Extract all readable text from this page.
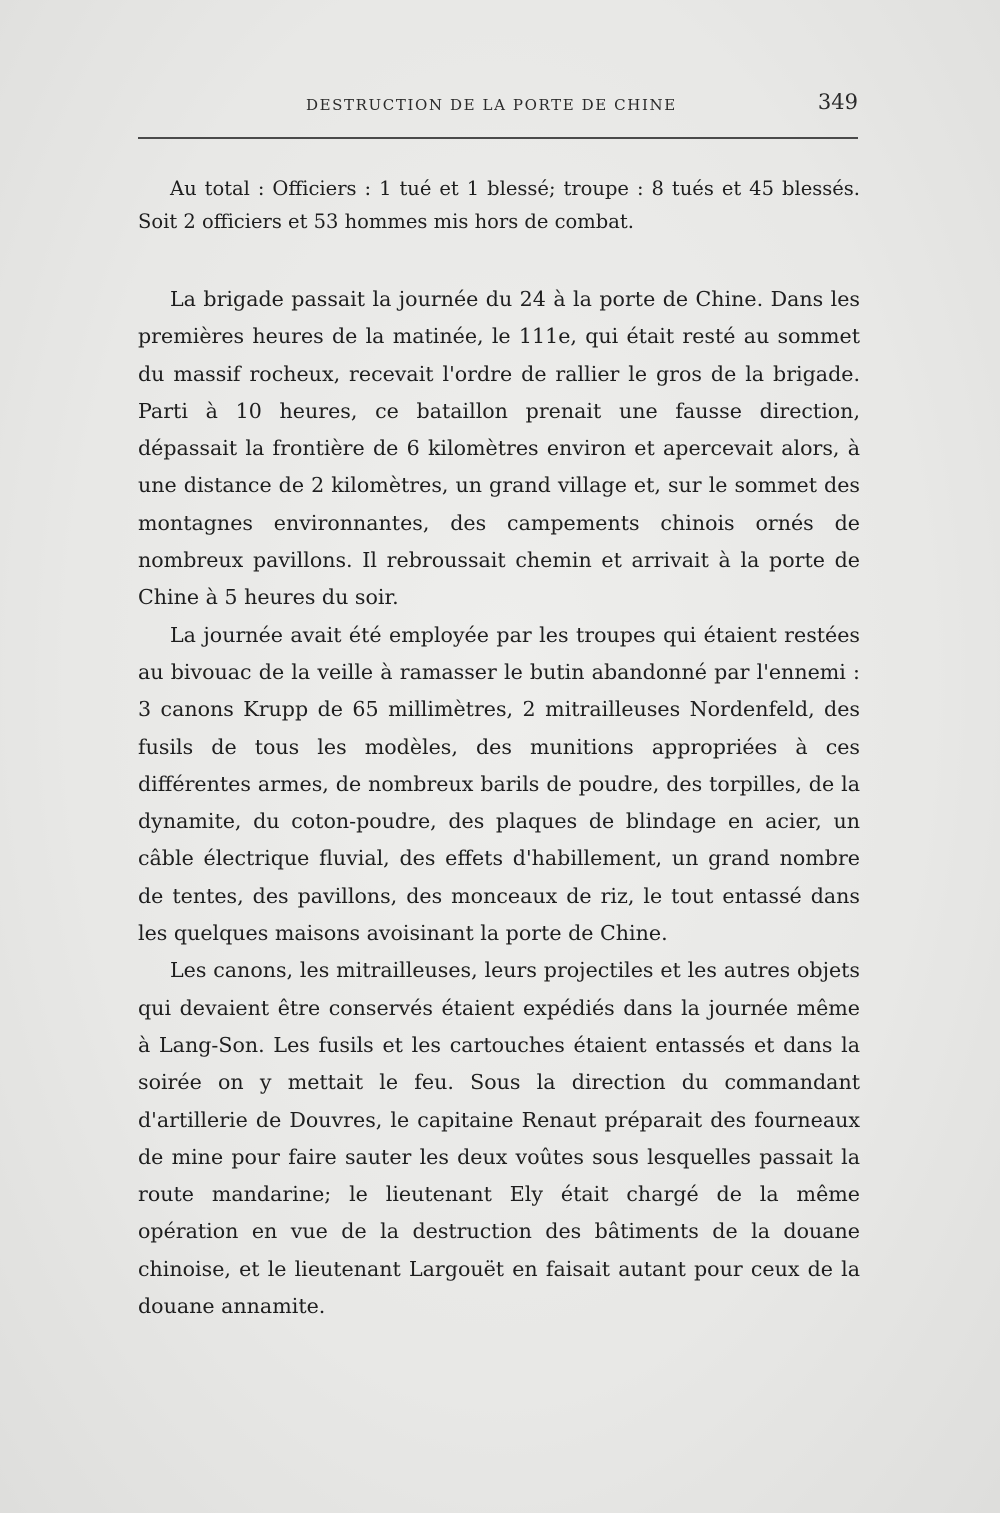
DESTRUCTION DE LA PORTE DE CHINE	349

Au total : Officiers : 1 tué et 1 blessé; troupe : 8 tués et 45 blessés. Soit 2 officiers et 53 hommes mis hors de combat.

La brigade passait la journée du 24 à la porte de Chine. Dans les premières heures de la matinée, le 111e, qui était resté au sommet du massif rocheux, recevait l'ordre de rallier le gros de la brigade. Parti à 10 heures, ce bataillon prenait une fausse direction, dépassait la frontière de 6 kilomètres environ et apercevait alors, à une distance de 2 kilomètres, un grand village et, sur le sommet des montagnes environnantes, des campements chinois ornés de nombreux pavillons. Il rebroussait chemin et arrivait à la porte de Chine à 5 heures du soir.

La journée avait été employée par les troupes qui étaient restées au bivouac de la veille à ramasser le butin abandonné par l'ennemi : 3 canons Krupp de 65 millimètres, 2 mitrailleuses Nordenfeld, des fusils de tous les modèles, des munitions appropriées à ces différentes armes, de nombreux barils de poudre, des torpilles, de la dynamite, du coton-poudre, des plaques de blindage en acier, un câble électrique fluvial, des effets d'habillement, un grand nombre de tentes, des pavillons, des monceaux de riz, le tout entassé dans les quelques maisons avoisinant la porte de Chine.

Les canons, les mitrailleuses, leurs projectiles et les autres objets qui devaient être conservés étaient expédiés dans la journée même à Lang-Son. Les fusils et les cartouches étaient entassés et dans la soirée on y mettait le feu. Sous la direction du commandant d'artillerie de Douvres, le capitaine Renaut préparait des fourneaux de mine pour faire sauter les deux voûtes sous lesquelles passait la route mandarine; le lieutenant Ely était chargé de la même opération en vue de la destruction des bâtiments de la douane chinoise, et le lieutenant Largouët en faisait autant pour ceux de la douane annamite.
